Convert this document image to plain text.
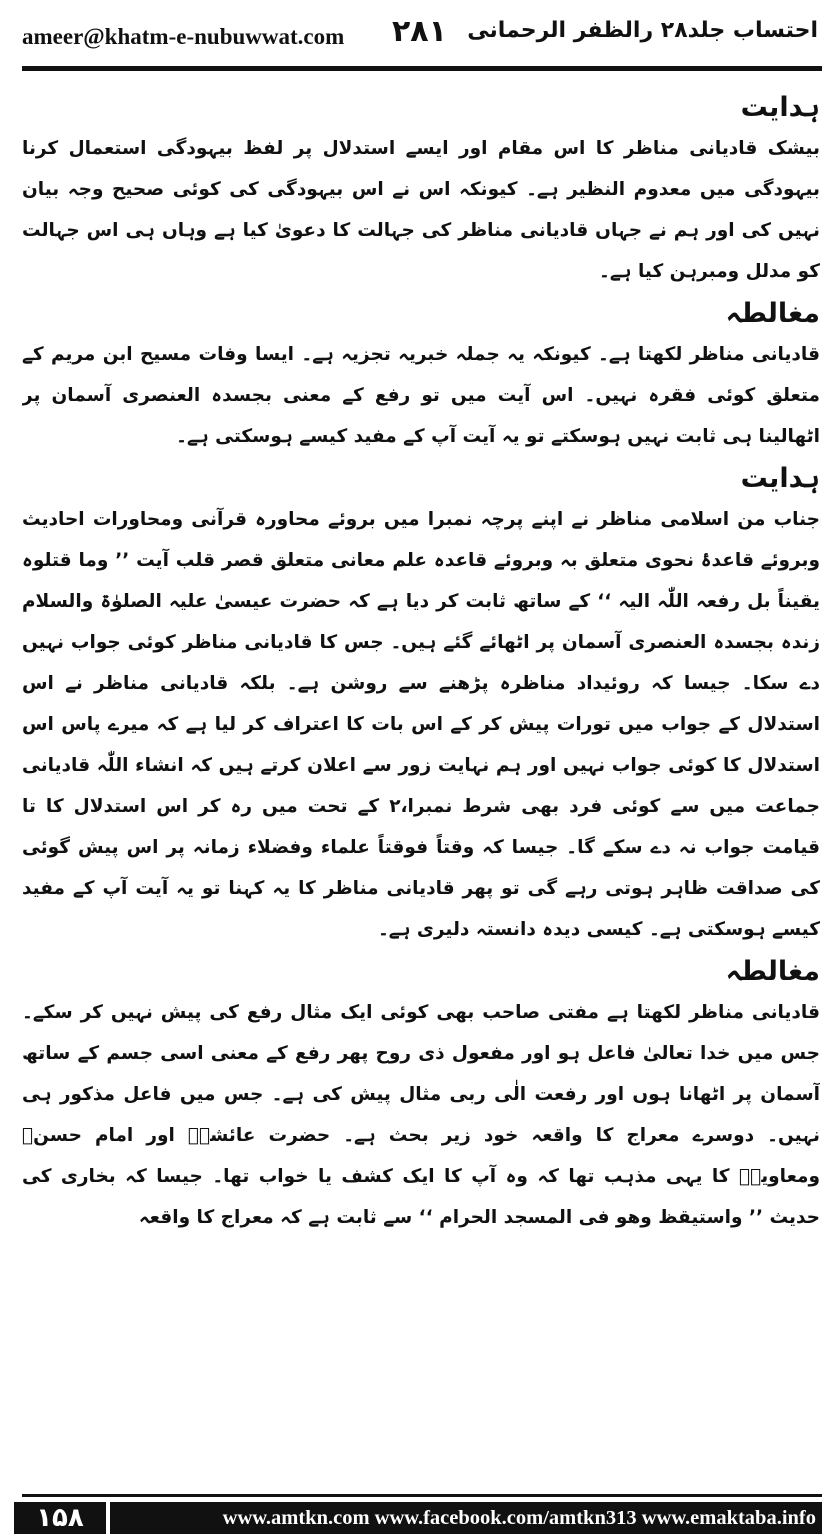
ameer@khatm-e-nubuwwat.com ۲۸۱ احتساب جلد۲۸ رالظفر الرحمانی
ہدایت

بیشک قادیانی مناظر کا اس مقام اور ایسے استدلال پر لفظ بیہودگی استعمال کرنا بیہودگی میں معدوم النظیر ہے۔ کیونکہ اس نے اس بیہودگی کی کوئی صحیح وجہ بیان نہیں کی اور ہم نے جہاں قادیانی مناظر کی جہالت کا دعویٰ کیا ہے وہاں ہی اس جہالت کو مدلل ومبرہن کیا ہے۔

مغالطہ

قادیانی مناظر لکھتا ہے۔ کیونکہ یہ جملہ خبریہ تجزیہ ہے۔ ایسا وفات مسیح ابن مریم کے متعلق کوئی فقرہ نہیں۔ اس آیت میں تو رفع کے معنی بجسدہ العنصری آسمان پر اٹھالینا ہی ثابت نہیں ہوسکتے تو یہ آیت آپ کے مفید کیسے ہوسکتی ہے۔

ہدایت

جناب من اسلامی مناظر نے اپنے پرچہ نمبرا میں بروئے محاورہ قرآنی ومحاورات احادیث وبروئے قاعدۂ نحوی متعلق بہ وبروئے قاعدہ علم معانی متعلق قصر قلب آیت ’’ وما قتلوہ یقیناً بل رفعہ اللّٰہ الیہ ‘‘ کے ساتھ ثابت کر دیا ہے کہ حضرت عیسیٰ علیہ الصلوٰۃ والسلام زندہ بجسدہ العنصری آسمان پر اٹھائے گئے ہیں۔ جس کا قادیانی مناظر کوئی جواب نہیں دے سکا۔ جیسا کہ روئیداد مناظرہ پڑھنے سے روشن ہے۔ بلکہ قادیانی مناظر نے اس استدلال کے جواب میں تورات پیش کر کے اس بات کا اعتراف کر لیا ہے کہ میرے پاس اس استدلال کا کوئی جواب نہیں اور ہم نہایت زور سے اعلان کرتے ہیں کہ انشاء اللّٰہ قادیانی جماعت میں سے کوئی فرد بھی شرط نمبرا،۲ کے تحت میں رہ کر اس استدلال کا تا قیامت جواب نہ دے سکے گا۔ جیسا کہ وقتاً فوقتاً علماء وفضلاء زمانہ پر اس پیش گوئی کی صداقت ظاہر ہوتی رہے گی تو پھر قادیانی مناظر کا یہ کہنا تو یہ آیت آپ کے مفید کیسے ہوسکتی ہے۔ کیسی دیدہ دانستہ دلیری ہے۔

مغالطہ

قادیانی مناظر لکھتا ہے مفتی صاحب بھی کوئی ایک مثال رفع کی پیش نہیں کر سکے۔ جس میں خدا تعالیٰ فاعل ہو اور مفعول ذی روح پھر رفع کے معنی اسی جسم کے ساتھ آسمان پر اٹھانا ہوں اور رفعت الٰی ربی مثال پیش کی ہے۔ جس میں فاعل مذکور ہی نہیں۔ دوسرے معراج کا واقعہ خود زیر بحث ہے۔ حضرت عائشہؓ اور امام حسنؓ ومعاویہؓ کا یہی مذہب تھا کہ وہ آپ کا ایک کشف یا خواب تھا۔ جیسا کہ بخاری کی حدیث ’’ واستیقظ وھو فی المسجد الحرام ‘‘ سے ثابت ہے کہ معراج کا واقعہ

۱۵۸	www.amtkn.com www.facebook.com/amtkn313 www.emaktaba.info
